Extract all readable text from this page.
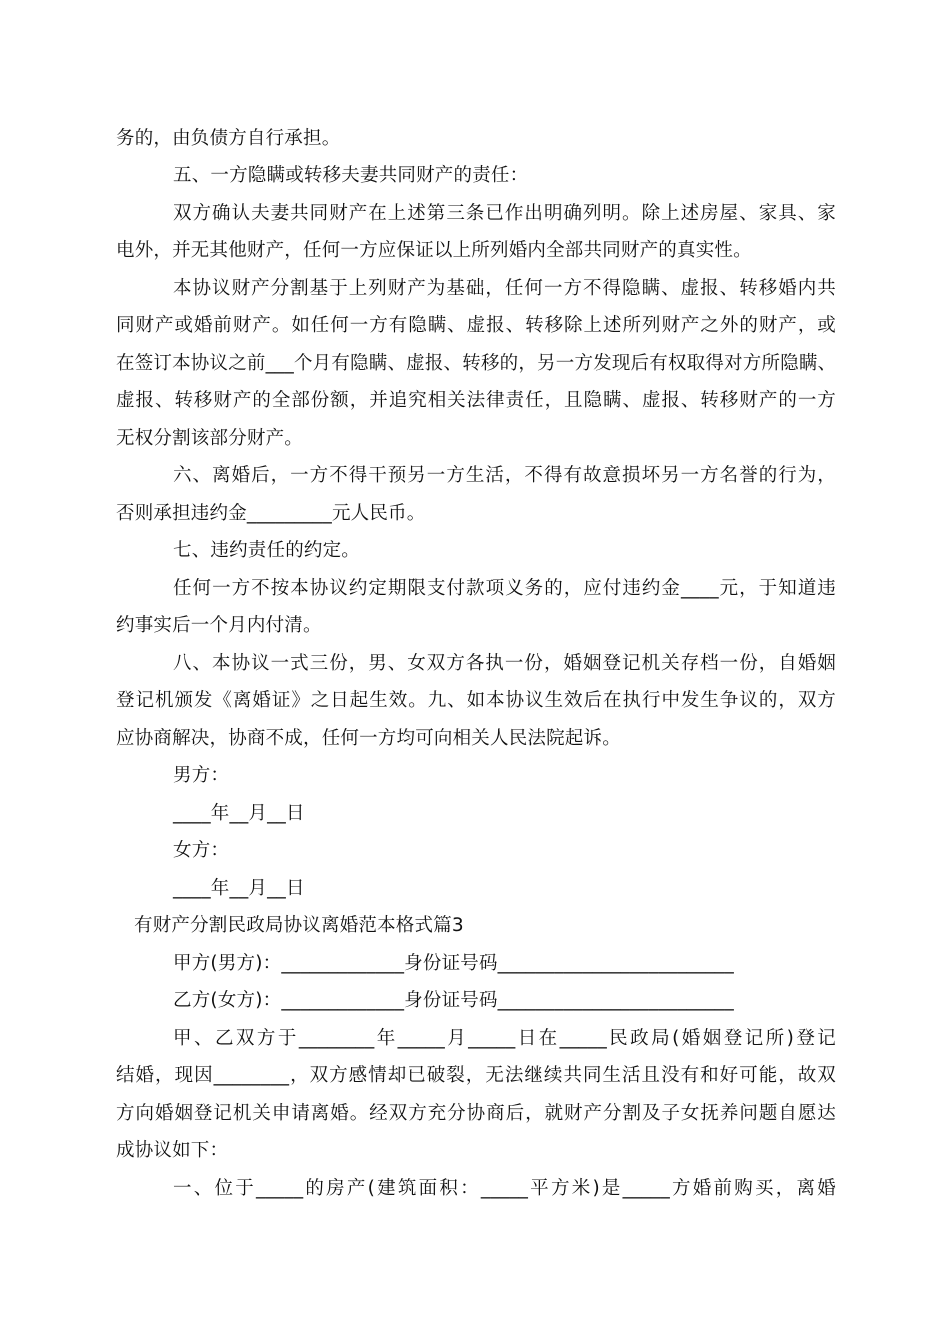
务的，由负债方自行承担。
五、一方隐瞒或转移夫妻共同财产的责任：
双方确认夫妻共同财产在上述第三条已作出明确列明。除上述房屋、家具、家
电外，并无其他财产，任何一方应保证以上所列婚内全部共同财产的真实性。
本协议财产分割基于上列财产为基础，任何一方不得隐瞒、虚报、转移婚内共
同财产或婚前财产。如任何一方有隐瞒、虚报、转移除上述所列财产之外的财产，或
在签订本协议之前___个月有隐瞒、虚报、转移的，另一方发现后有权取得对方所隐瞒、
虚报、转移财产的全部份额，并追究相关法律责任，且隐瞒、虚报、转移财产的一方
无权分割该部分财产。
六、离婚后，一方不得干预另一方生活，不得有故意损坏另一方名誉的行为，
否则承担违约金_________元人民币。
七、违约责任的约定。
任何一方不按本协议约定期限支付款项义务的，应付违约金____元，于知道违
约事实后一个月内付清。
八、本协议一式三份，男、女双方各执一份，婚姻登记机关存档一份，自婚姻
登记机颁发《离婚证》之日起生效。九、如本协议生效后在执行中发生争议的，双方
应协商解决，协商不成，任何一方均可向相关人民法院起诉。
男方：
____年__月__日
女方：
____年__月__日
有财产分割民政局协议离婚范本格式篇3
甲方(男方)：_____________身份证号码_________________________
乙方(女方)：_____________身份证号码_________________________
甲、乙双方于________年_____月_____日在_____民政局(婚姻登记所)登记
结婚，现因________，双方感情却已破裂，无法继续共同生活且没有和好可能，故双
方向婚姻登记机关申请离婚。经双方充分协商后，就财产分割及子女抚养问题自愿达
成协议如下：
一、位于_____的房产(建筑面积：_____平方米)是_____方婚前购买，离婚
